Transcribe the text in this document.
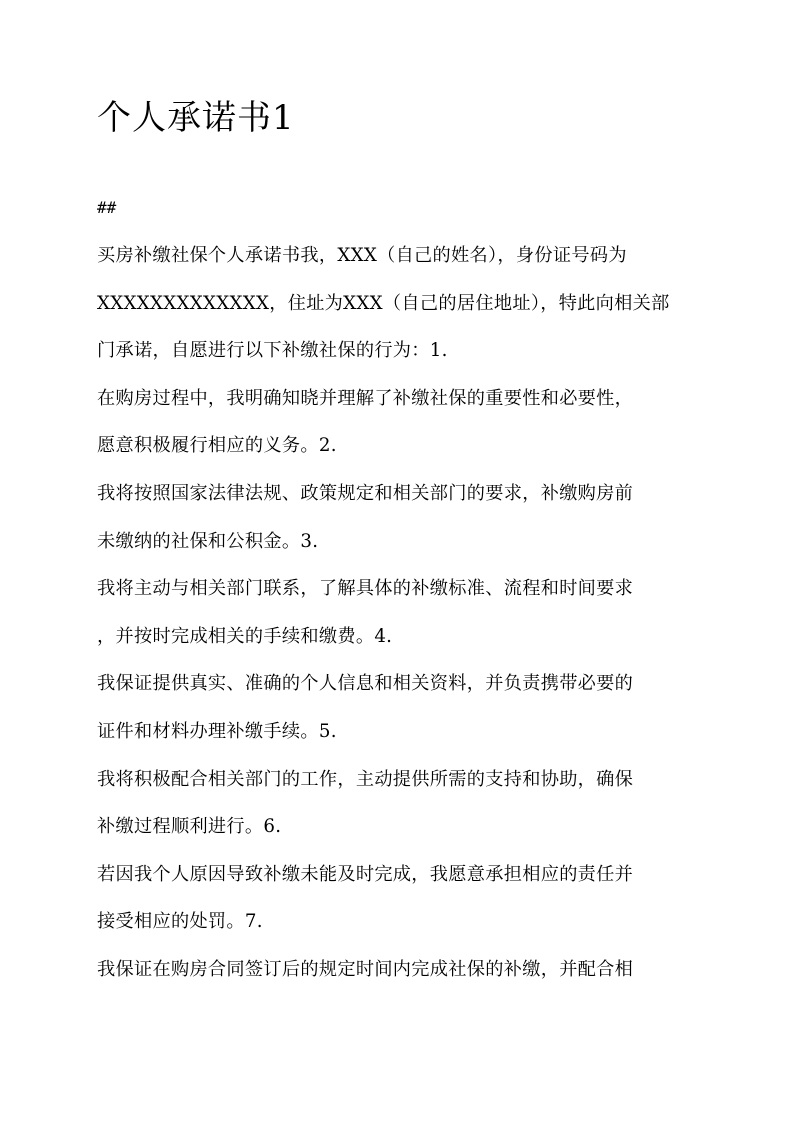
个人承诺书1
##
买房补缴社保个人承诺书我，XXX（自己的姓名），身份证号码为
XXXXXXXXXXXXX，住址为XXX（自己的居住地址），特此向相关部
门承诺，自愿进行以下补缴社保的行为：1.
在购房过程中，我明确知晓并理解了补缴社保的重要性和必要性，
愿意积极履行相应的义务。2.
我将按照国家法律法规、政策规定和相关部门的要求，补缴购房前
未缴纳的社保和公积金。3.
我将主动与相关部门联系，了解具体的补缴标准、流程和时间要求
，并按时完成相关的手续和缴费。4.
我保证提供真实、准确的个人信息和相关资料，并负责携带必要的
证件和材料办理补缴手续。5.
我将积极配合相关部门的工作，主动提供所需的支持和协助，确保
补缴过程顺利进行。6.
若因我个人原因导致补缴未能及时完成，我愿意承担相应的责任并
接受相应的处罚。7.
我保证在购房合同签订后的规定时间内完成社保的补缴，并配合相
